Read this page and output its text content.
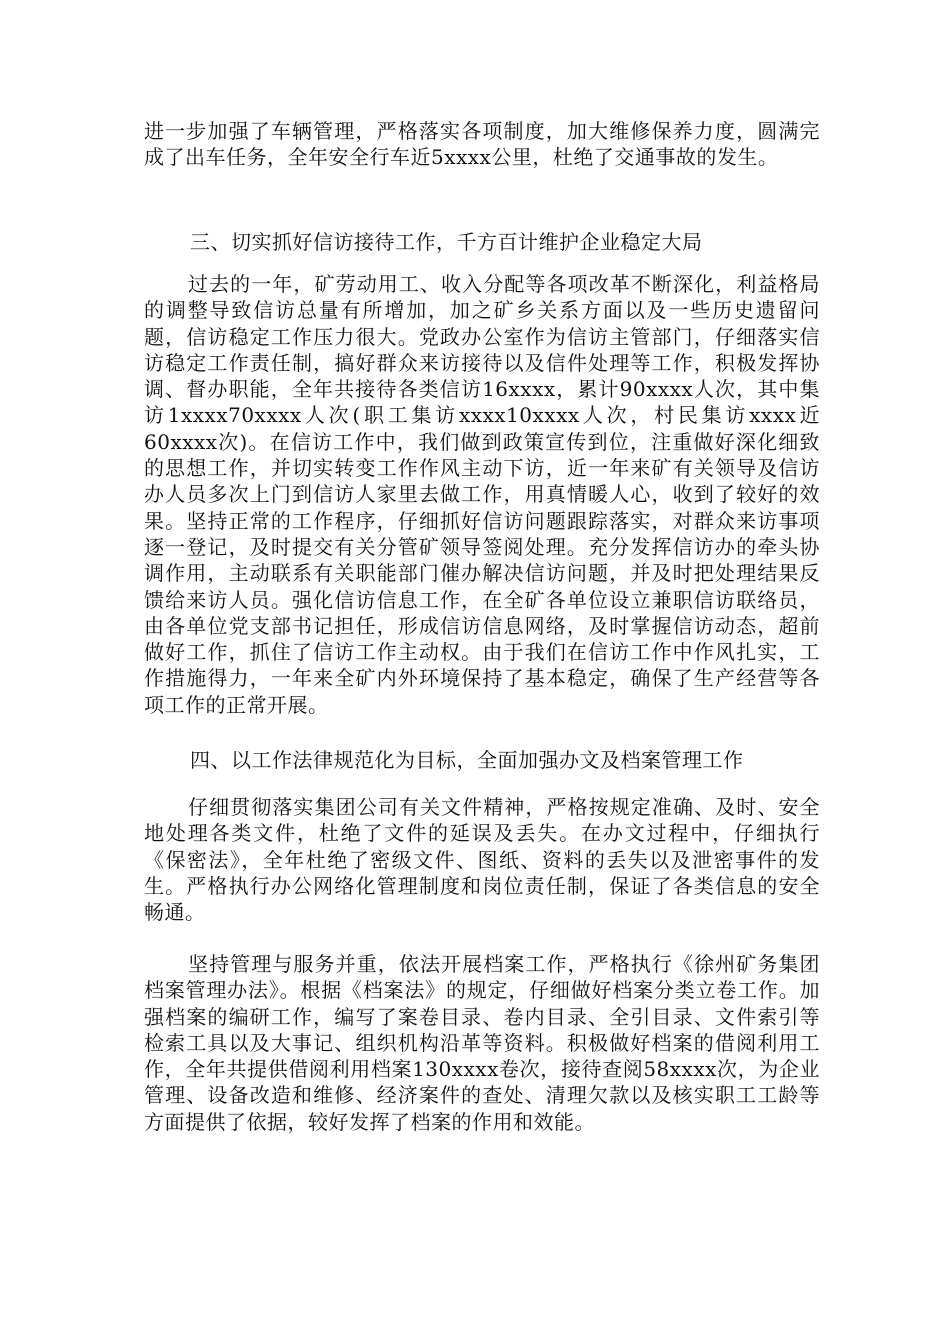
进一步加强了车辆管理，严格落实各项制度，加大维修保养力度，圆满完成了出车任务，全年安全行车近5xxxx公里，杜绝了交通事故的发生。

三、切实抓好信访接待工作，千方百计维护企业稳定大局

过去的一年，矿劳动用工、收入分配等各项改革不断深化，利益格局的调整导致信访总量有所增加，加之矿乡关系方面以及一些历史遗留问题，信访稳定工作压力很大。党政办公室作为信访主管部门，仔细落实信访稳定工作责任制，搞好群众来访接待以及信件处理等工作，积极发挥协调、督办职能，全年共接待各类信访16xxxx，累计90xxxx人次，其中集访1xxxx70xxxx人次(职工集访xxxx10xxxx人次，村民集访xxxx近60xxxx次)。在信访工作中，我们做到政策宣传到位，注重做好深化细致的思想工作，并切实转变工作作风主动下访，近一年来矿有关领导及信访办人员多次上门到信访人家里去做工作，用真情暖人心，收到了较好的效果。坚持正常的工作程序，仔细抓好信访问题跟踪落实，对群众来访事项逐一登记，及时提交有关分管矿领导签阅处理。充分发挥信访办的牵头协调作用，主动联系有关职能部门催办解决信访问题，并及时把处理结果反馈给来访人员。强化信访信息工作，在全矿各单位设立兼职信访联络员，由各单位党支部书记担任，形成信访信息网络，及时掌握信访动态，超前做好工作，抓住了信访工作主动权。由于我们在信访工作中作风扎实，工作措施得力，一年来全矿内外环境保持了基本稳定，确保了生产经营等各项工作的正常开展。

四、以工作法律规范化为目标，全面加强办文及档案管理工作

仔细贯彻落实集团公司有关文件精神，严格按规定准确、及时、安全地处理各类文件，杜绝了文件的延误及丢失。在办文过程中，仔细执行《保密法》，全年杜绝了密级文件、图纸、资料的丢失以及泄密事件的发生。严格执行办公网络化管理制度和岗位责任制，保证了各类信息的安全畅通。

坚持管理与服务并重，依法开展档案工作，严格执行《徐州矿务集团档案管理办法》。根据《档案法》的规定，仔细做好档案分类立卷工作。加强档案的编研工作，编写了案卷目录、卷内目录、全引目录、文件索引等检索工具以及大事记、组织机构沿革等资料。积极做好档案的借阅利用工作，全年共提供借阅利用档案130xxxx卷次，接待查阅58xxxx次，为企业管理、设备改造和维修、经济案件的查处、清理欠款以及核实职工工龄等方面提供了依据，较好发挥了档案的作用和效能。
